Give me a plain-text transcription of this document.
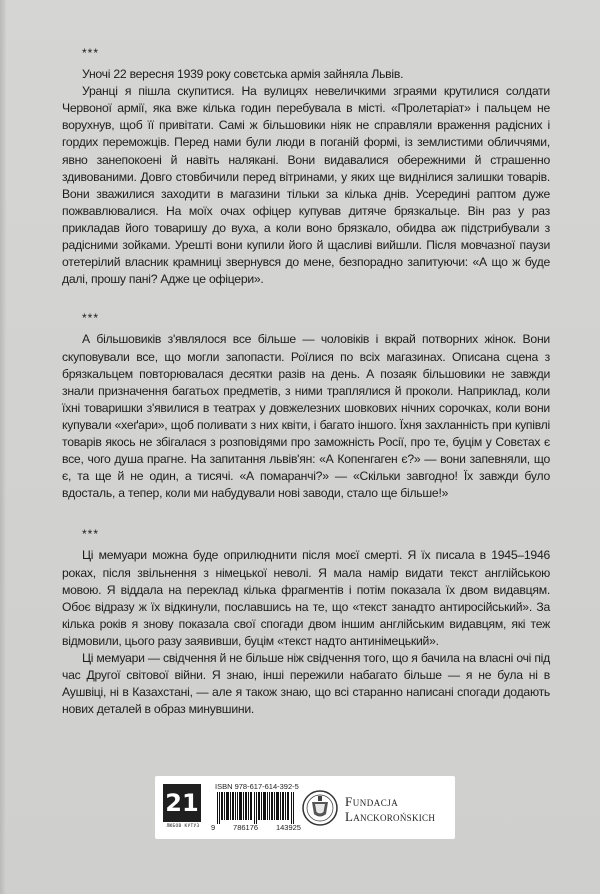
***

Уночі 22 вересня 1939 року совєтська армія зайняла Львів.

Уранці я пішла скупитися. На вулицях невеличкими зграями крутилися солдати Червоної армії, яка вже кілька годин перебувала в місті. «Пролетаріат» і пальцем не ворухнув, щоб її привітати. Самі ж більшовики ніяк не справляли враження радісних і гордих переможців. Перед нами були люди в поганій формі, із землистими обличчями, явно занепокоені й навіть налякані. Вони видавалися обережними й страшенно здивованими. Довго стовбичили перед вітринами, у яких ще виднілися залишки товарів. Вони зважилися заходити в магазини тільки за кілька днів. Усередині раптом дуже пожвавлювалися. На моїх очах офіцер купував дитяче брязкальце. Він раз у раз прикладав його товаришу до вуха, а коли воно брязкало, обидва аж підстрибували з радісними зойками. Урешті вони купили його й щасливі вийшли. Після мовчазної паузи отетерілий власник крамниці звернувся до мене, безпорадно запитуючи: «А що ж буде далі, прошу пані? Адже це офіцери».

***

А більшовиків з'являлося все більше — чоловіків і вкрай потворних жінок. Вони скуповували все, що могли запопасти. Роїлися по всіх магазинах. Описана сцена з брязкальцем повторювалася десятки разів на день. А позаяк більшовики не завжди знали призначення багатьох предметів, з ними траплялися й проколи. Наприклад, коли їхні товаришки з'явилися в театрах у довжелезних шовкових нічних сорочках, коли вони купували «хеґари», щоб поливати з них квіти, і багато іншого. Їхня захланність при купівлі товарів якось не збігалася з розповідями про заможність Росії, про те, буцім у Совєтах є все, чого душа прагне. На запитання львів'ян: «А Копенгаген є?» — вони запевняли, що є, та ще й не один, а тисячі. «А помаранчі?» — «Скільки завгодно! Їх завжди було вдосталь, а тепер, коли ми набудували нові заводи, стало ще більше!»

***

Ці мемуари можна буде оприлюднити після моєї смерті. Я їх писала в 1945–1946 роках, після звільнення з німецької неволі. Я мала намір видати текст англійською мовою. Я віддала на переклад кілька фрагментів і потім показала їх двом видавцям. Обоє відразу ж їх відкинули, пославшись на те, що «текст занадто антиросійський». За кілька років я знову показала свої спогади двом іншим англійським видавцям, які теж відмовили, цього разу заявивши, буцім «текст надто антинімецький».

Ці мемуари — свідчення й не більше ніж свідчення того, що я бачила на власні очі під час Другої світової війни. Я знаю, інші пережили набагато більше — я не була ні в Аушвіці, ні в Казахстані, — але я також знаю, що всі старанно написані спогади додають нових деталей в образ минувшини.

21
ЛЮБОВ КУТУЗ
ISBN 978-617-614-392-5
9 786176 143925
Fundacja
Lanckorońskich
